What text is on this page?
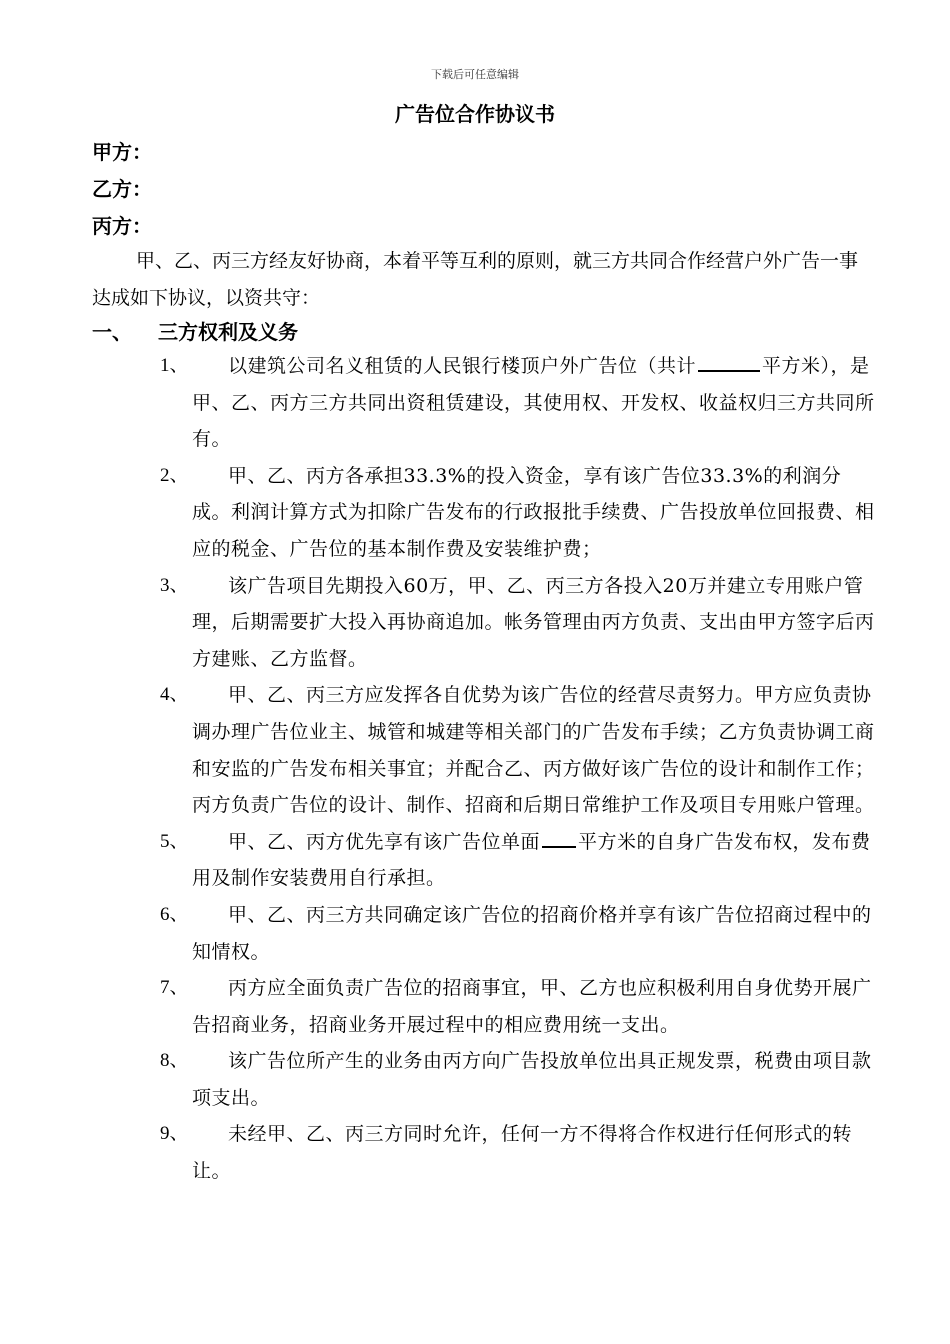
下载后可任意编辑
广告位合作协议书
甲方：
乙方：
丙方：
甲、乙、丙三方经友好协商，本着平等互利的原则，就三方共同合作经营户外广告一事达成如下协议，以资共守：
一、 三方权利及义务
1、	以建筑公司名义租赁的人民银行楼顶户外广告位（共计	平方米），是甲、乙、丙方三方共同出资租赁建设，其使用权、开发权、收益权归三方共同所有。
2、	甲、乙、丙方各承担33.3%的投入资金，享有该广告位33.3%的利润分成。利润计算方式为扣除广告发布的行政报批手续费、广告投放单位回报费、相应的税金、广告位的基本制作费及安装维护费；
3、	该广告项目先期投入60万，甲、乙、丙三方各投入20万并建立专用账户管理，后期需要扩大投入再协商追加。帐务管理由丙方负责、支出由甲方签字后丙方建账、乙方监督。
4、	甲、乙、丙三方应发挥各自优势为该广告位的经营尽责努力。甲方应负责协调办理广告位业主、城管和城建等相关部门的广告发布手续；乙方负责协调工商和安监的广告发布相关事宜；并配合乙、丙方做好该广告位的设计和制作工作；丙方负责广告位的设计、制作、招商和后期日常维护工作及项目专用账户管理。
5、	甲、乙、丙方优先享有该广告位单面 平方米的自身广告发布权，发布费用及制作安装费用自行承担。
6、	甲、乙、丙三方共同确定该广告位的招商价格并享有该广告位招商过程中的知情权。
7、	丙方应全面负责广告位的招商事宜，甲、乙方也应积极利用自身优势开展广告招商业务，招商业务开展过程中的相应费用统一支出。
8、	该广告位所产生的业务由丙方向广告投放单位出具正规发票，税费由项目款项支出。
9、	未经甲、乙、丙三方同时允许，任何一方不得将合作权进行任何形式的转让。
